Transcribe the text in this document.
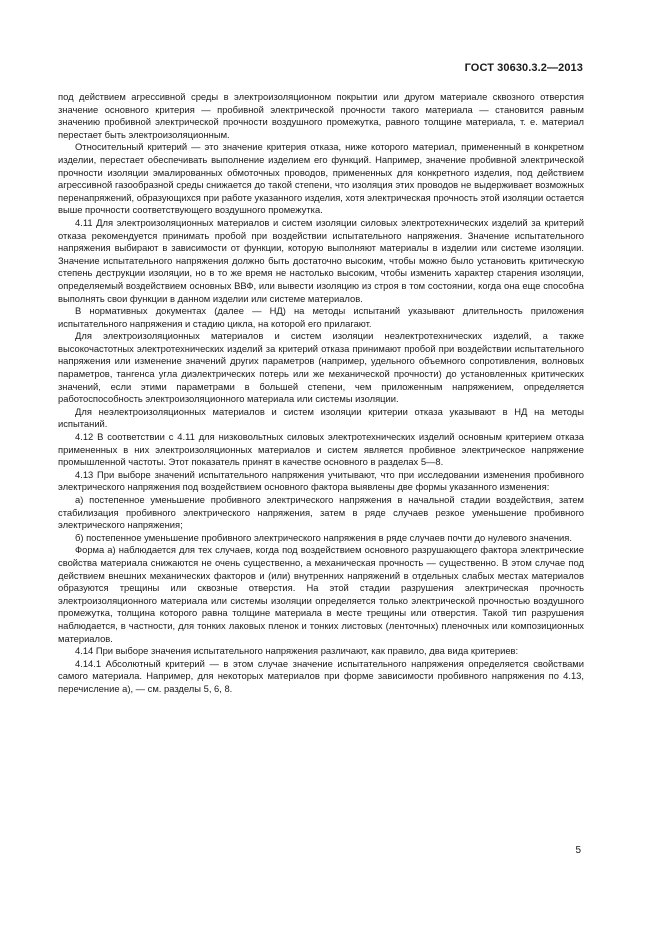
ГОСТ 30630.3.2—2013

под действием агрессивной среды в электроизоляционном покрытии или другом материале сквозного отверстия значение основного критерия — пробивной электрической прочности такого материала — становится равным значению пробивной электрической прочности воздушного промежутка, равного толщине материала, т. е. материал перестает быть электроизоляционным.

Относительный критерий — это значение критерия отказа, ниже которого материал, примененный в конкретном изделии, перестает обеспечивать выполнение изделием его функций. Например, значение пробивной электрической прочности изоляции эмалированных обмоточных проводов, примененных для конкретного изделия, под действием агрессивной газообразной среды снижается до такой степени, что изоляция этих проводов не выдерживает возможных перенапряжений, образующихся при работе указанного изделия, хотя электрическая прочность этой изоляции остается выше прочности соответствующего воздушного промежутка.

4.11 Для электроизоляционных материалов и систем изоляции силовых электротехнических изделий за критерий отказа рекомендуется принимать пробой при воздействии испытательного напряжения. Значение испытательного напряжения выбирают в зависимости от функции, которую выполняют материалы в изделии или системе изоляции. Значение испытательного напряжения должно быть достаточно высоким, чтобы можно было установить критическую степень деструкции изоляции, но в то же время не настолько высоким, чтобы изменить характер старения изоляции, определяемый воздействием основных ВВФ, или вывести изоляцию из строя в том состоянии, когда она еще способна выполнять свои функции в данном изделии или системе материалов.

В нормативных документах (далее — НД) на методы испытаний указывают длительность приложения испытательного напряжения и стадию цикла, на которой его прилагают.

Для электроизоляционных материалов и систем изоляции неэлектротехнических изделий, а также высокочастотных электротехнических изделий за критерий отказа принимают пробой при воздействии испытательного напряжения или изменение значений других параметров (например, удельного объемного сопротивления, волновых параметров, тангенса угла диэлектрических потерь или же механической прочности) до установленных критических значений, если этими параметрами в большей степени, чем приложенным напряжением, определяется работоспособность электроизоляционного материала или системы изоляции.

Для неэлектроизоляционных материалов и систем изоляции критерии отказа указывают в НД на методы испытаний.

4.12 В соответствии с 4.11 для низковольтных силовых электротехнических изделий основным критерием отказа примененных в них электроизоляционных материалов и систем является пробивное электрическое напряжение промышленной частоты. Этот показатель принят в качестве основного в разделах 5—8.

4.13 При выборе значений испытательного напряжения учитывают, что при исследовании изменения пробивного электрического напряжения под воздействием основного фактора выявлены две формы указанного изменения:

а) постепенное уменьшение пробивного электрического напряжения в начальной стадии воздействия, затем стабилизация пробивного электрического напряжения, затем в ряде случаев резкое уменьшение пробивного электрического напряжения;

б) постепенное уменьшение пробивного электрического напряжения в ряде случаев почти до нулевого значения.

Форма а) наблюдается для тех случаев, когда под воздействием основного разрушающего фактора электрические свойства материала снижаются не очень существенно, а механическая прочность — существенно. В этом случае под действием внешних механических факторов и (или) внутренних напряжений в отдельных слабых местах материалов образуются трещины или сквозные отверстия. На этой стадии разрушения электрическая прочность электроизоляционного материала или системы изоляции определяется только электрической прочностью воздушного промежутка, толщина которого равна толщине материала в месте трещины или отверстия. Такой тип разрушения наблюдается, в частности, для тонких лаковых пленок и тонких листовых (ленточных) пленочных или композиционных материалов.

4.14 При выборе значения испытательного напряжения различают, как правило, два вида критериев:

4.14.1 Абсолютный критерий — в этом случае значение испытательного напряжения определяется свойствами самого материала. Например, для некоторых материалов при форме зависимости пробивного напряжения по 4.13, перечисление а), — см. разделы 5, 6, 8.

5
